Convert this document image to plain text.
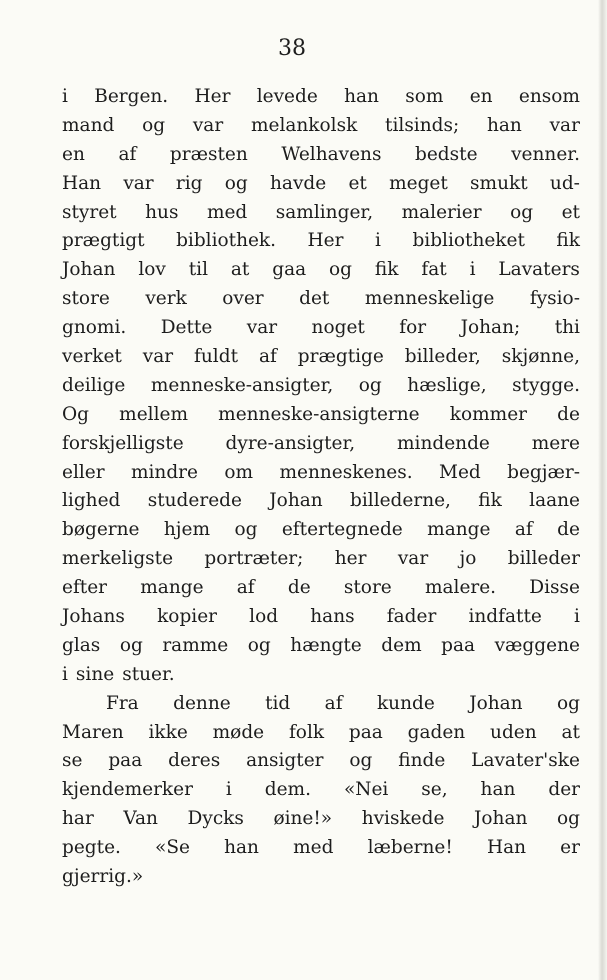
38
i Bergen. Her levede han som en ensom
mand og var melankolsk tilsinds; han var
en af præsten Welhavens bedste venner.
Han var rig og havde et meget smukt ud-
styret hus med samlinger, malerier og et
prægtigt bibliothek. Her i bibliotheket fik
Johan lov til at gaa og fik fat i Lavaters
store verk over det menneskelige fysio-
gnomi. Dette var noget for Johan; thi
verket var fuldt af prægtige billeder, skjønne,
deilige menneske-ansigter, og hæslige, stygge.
Og mellem menneske-ansigterne kommer de
forskjelligste dyre-ansigter, mindende mere
eller mindre om menneskenes. Med begjær-
lighed studerede Johan billederne, fik laane
bøgerne hjem og eftertegnede mange af de
merkeligste portræter; her var jo billeder
efter mange af de store malere. Disse
Johans kopier lod hans fader indfatte i
glas og ramme og hængte dem paa væggene
i sine stuer.
Fra denne tid af kunde Johan og
Maren ikke møde folk paa gaden uden at
se paa deres ansigter og finde Lavater'ske
kjendemerker i dem. «Nei se, han der
har Van Dycks øine!» hviskede Johan og
pegte. «Se han med læberne! Han er
gjerrig.»
